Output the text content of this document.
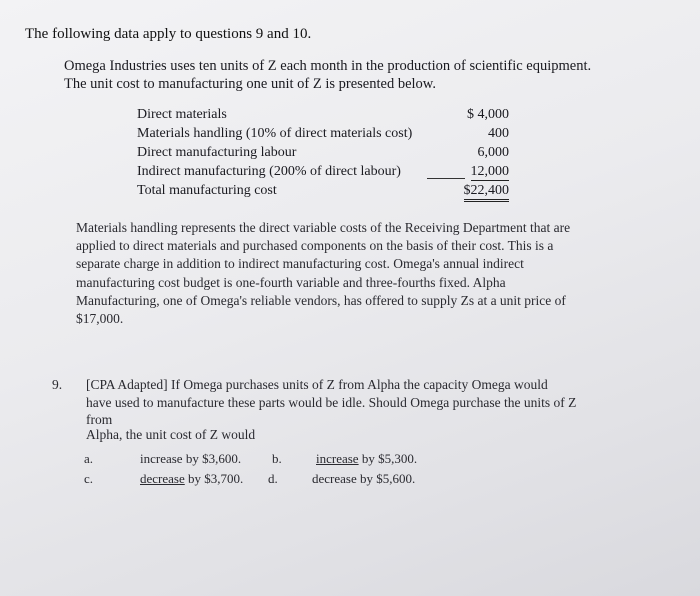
The following data apply to questions 9 and 10.
Omega Industries uses ten units of Z each month in the production of scientific equipment.
The unit cost to manufacturing one unit of Z is presented below.
Direct materials	$ 4,000
Materials handling (10% of direct materials cost)	400
Direct manufacturing labour	6,000
Indirect manufacturing (200% of direct labour)	12,000
Total manufacturing cost	$22,400
Materials handling represents the direct variable costs of the Receiving Department that are
applied to direct materials and purchased components on the basis of their cost. This is a
separate charge in addition to indirect manufacturing cost. Omega's annual indirect
manufacturing cost budget is one-fourth variable and three-fourths fixed. Alpha
Manufacturing, one of Omega's reliable vendors, has offered to supply Zs at a unit price of
$17,000.
9. [CPA Adapted] If Omega purchases units of Z from Alpha the capacity Omega would
have used to manufacture these parts would be idle. Should Omega purchase the units of Z
from
Alpha, the unit cost of Z would
a.	increase by $3,600. b.	increase by $5,300.
c.	decrease by $3,700. d.	decrease by $5,600.
